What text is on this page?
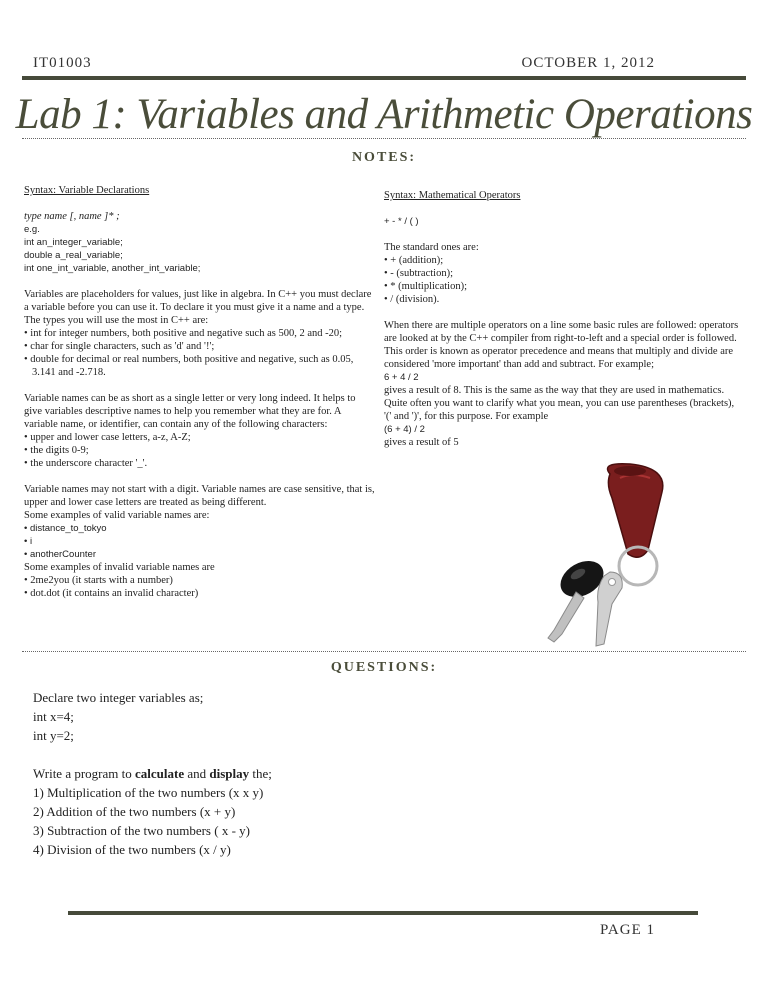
IT01003	OCTOBER 1, 2012
Lab 1: Variables and Arithmetic Operations
NOTES:

Syntax: Variable Declarations

type name [, name ]* ;

e.g.

int an_integer_variable;

double a_real_variable;

int one_int_variable, another_int_variable;

Variables are placeholders for values, just like in algebra. In C++ you must declare a variable before you can use it. To declare it you must give it a name and a type. The types you will use the most in C++ are:

• int for integer numbers, both positive and negative such as 500, 2 and -20;

• char for single characters, such as 'd' and '!';

• double for decimal or real numbers, both positive and negative, such as 0.05, 3.141 and -2.718.

Variable names can be as short as a single letter or very long indeed. It helps to give variables descriptive names to help you remember what they are for. A variable name, or identifier, can contain any of the following characters:

• upper and lower case letters, a-z, A-Z;

• the digits 0-9;

• the underscore character '_'.

Variable names may not start with a digit. Variable names are case sensitive, that is, upper and lower case letters are treated as being different.

Some examples of valid variable names are:

• distance_to_tokyo

• i

• anotherCounter

Some examples of invalid variable names are

• 2me2you (it starts with a number)

• dot.dot (it contains an invalid character)

Syntax: Mathematical Operators

+ - * / ( )

The standard ones are:

• + (addition);

• - (subtraction);

• * (multiplication);

• / (division).

When there are multiple operators on a line some basic rules are followed: operators are looked at by the C++ compiler from right-to-left and a special order is followed. This order is known as operator precedence and means that multiply and divide are considered 'more important' than add and subtract. For example;

6 + 4 / 2

gives a result of 8. This is the same as the way that they are used in mathematics. Quite often you want to clarify what you mean, you can use parentheses (brackets), '(' and ')', for this purpose. For example

(6 + 4) / 2

gives a result of 5

QUESTIONS:

Declare two integer variables as;

int x=4;

int y=2;

Write a program to calculate and display the;

1) Multiplication of the two numbers (x x y)

2) Addition of the two numbers (x + y)

3) Subtraction of the two numbers ( x - y)

4) Division of the two numbers (x / y)

PAGE 1
